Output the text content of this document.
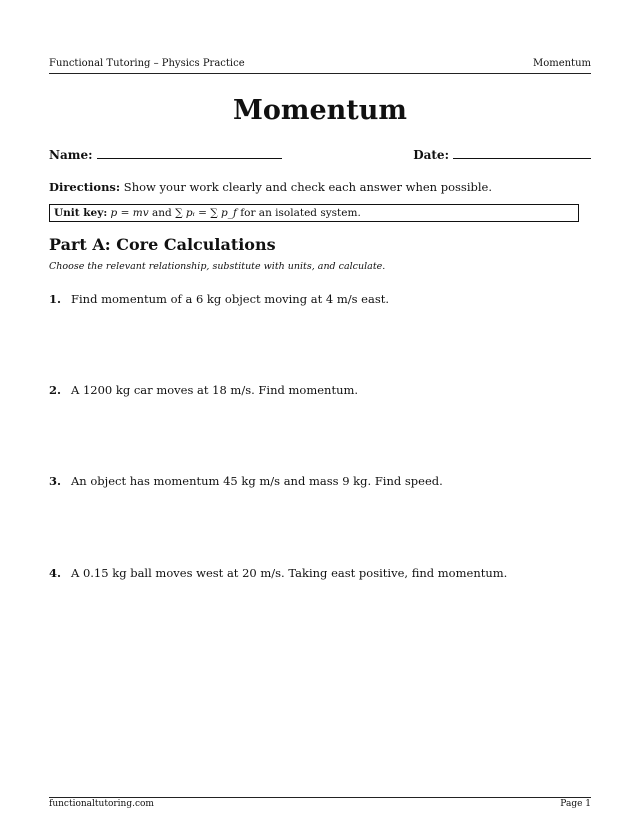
Functional Tutoring – Physics Practice	Momentum
Momentum
Name:	Date:
Directions: Show your work clearly and check each answer when possible.
Unit key: p = mv and ∑ pᵢ = ∑ p_f for an isolated system.
Part A: Core Calculations
Choose the relevant relationship, substitute with units, and calculate.
1. Find momentum of a 6 kg object moving at 4 m/s east.
2. A 1200 kg car moves at 18 m/s. Find momentum.
3. An object has momentum 45 kg m/s and mass 9 kg. Find speed.
4. A 0.15 kg ball moves west at 20 m/s. Taking east positive, find momentum.
functionaltutoring.com	Page 1
